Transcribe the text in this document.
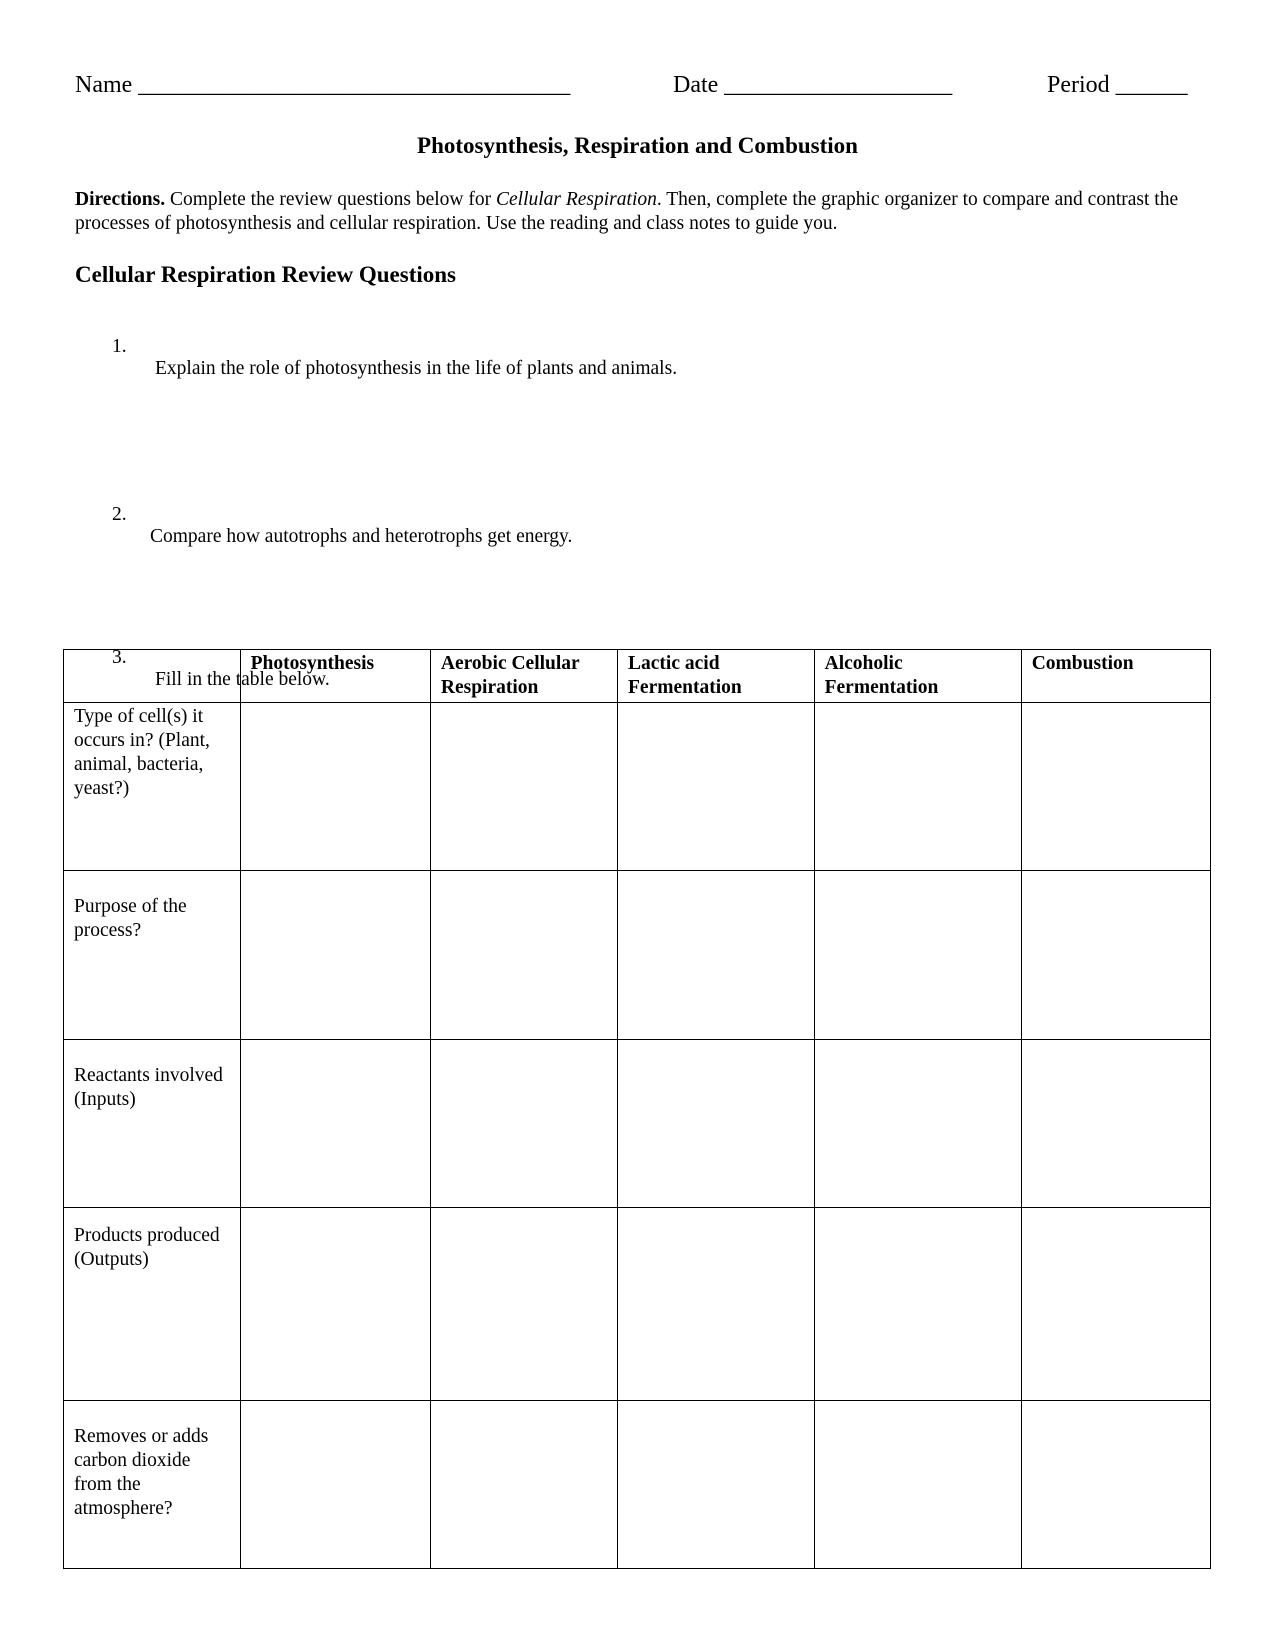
Name ____________________________________	Date ___________________	Period ______
Photosynthesis, Respiration and Combustion
Directions. Complete the review questions below for Cellular Respiration. Then, complete the graphic organizer to compare and contrast the processes of photosynthesis and cellular respiration. Use the reading and class notes to guide you.
Cellular Respiration Review Questions

1.

Explain the role of photosynthesis in the life of plants and animals.

2.

Compare how autotrophs and heterotrophs get energy.

3.

Fill in the table below.

	Photosynthesis	Aerobic Cellular Respiration	Lactic acid Fermentation	Alcoholic Fermentation	Combustion
Type of cell(s) it occurs in? (Plant, animal, bacteria, yeast?)					
Purpose of the process?					
Reactants involved (Inputs)					
Products produced (Outputs)					
Removes or adds carbon dioxide from the atmosphere?					
